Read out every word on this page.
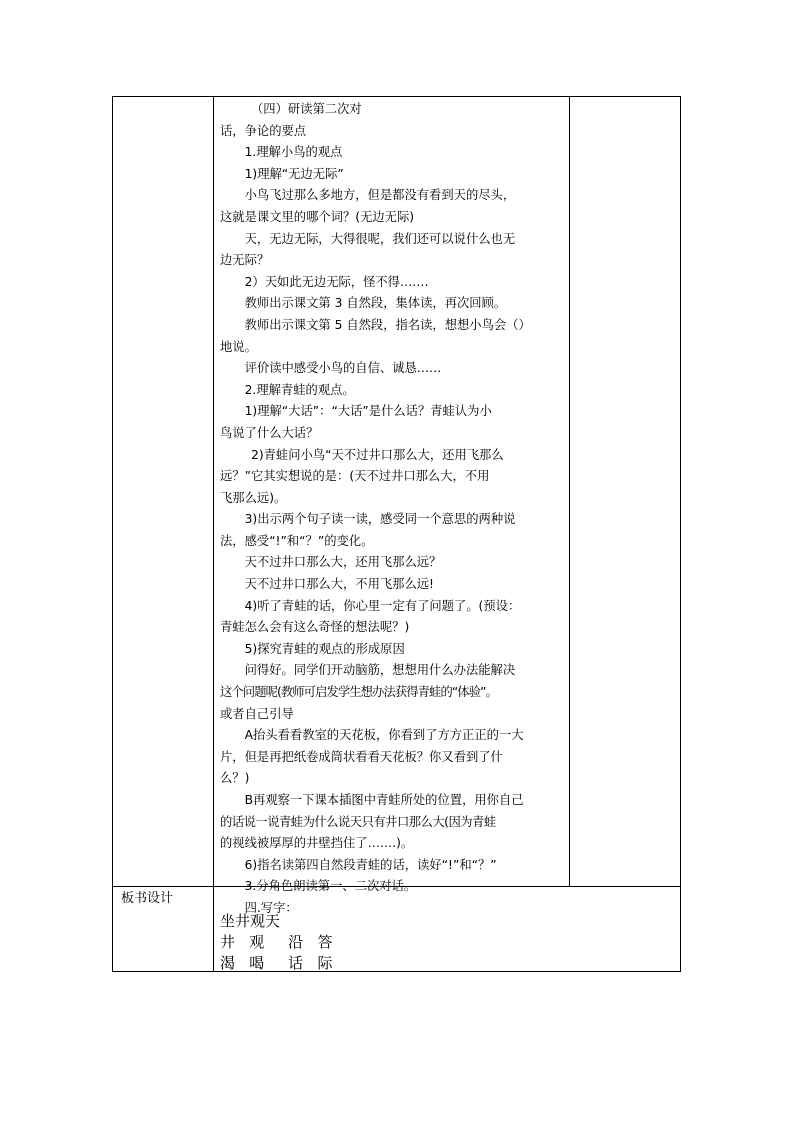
（四）研读第二次对

话，争论的要点

1.理解小鸟的观点

1)理解“无边无际”

小鸟飞过那么多地方，但是都没有看到天的尽头，

这就是课文里的哪个词？(无边无际)

天，无边无际，大得很呢，我们还可以说什么也无

边无际？

2）天如此无边无际，怪不得…….

教师出示课文第 3 自然段，集体读，再次回顾。

教师出示课文第 5 自然段，指名读，想想小鸟会（）

地说。

评价读中感受小鸟的自信、诚恳……

2.理解青蛙的观点。

1)理解“大话”：“大话”是什么话？青蛙认为小

鸟说了什么大话？

2)青蛙问小鸟“天不过井口那么大，还用飞那么

远？”它其实想说的是：(天不过井口那么大，不用

飞那么远)。

3)出示两个句子读一读，感受同一个意思的两种说

法，感受“!”和“？”的变化。

天不过井口那么大，还用飞那么远？

天不过井口那么大，不用飞那么远!

4)听了青蛙的话，你心里一定有了问题了。(预设：

青蛙怎么会有这么奇怪的想法呢？)

5)探究青蛙的观点的形成原因

问得好。同学们开动脑筋，想想用什么办法能解决

这个问题呢(教师可启发学生想办法获得青蛙的“体验”。

或者自己引导

A抬头看看教室的天花板，你看到了方方正正的一大

片，但是再把纸卷成筒状看看天花板？你又看到了什

么？)

B再观察一下课本插图中青蛙所处的位置，用你自己

的话说一说青蛙为什么说天只有井口那么大(因为青蛙

的视线被厚厚的井壁挡住了…….)。

6)指名读第四自然段青蛙的话，读好“!”和“？”

3.分角色朗读第一、二次对话。

四.写字：

板书设计

坐井观天

井   观     沿   答

渴   喝     话   际
